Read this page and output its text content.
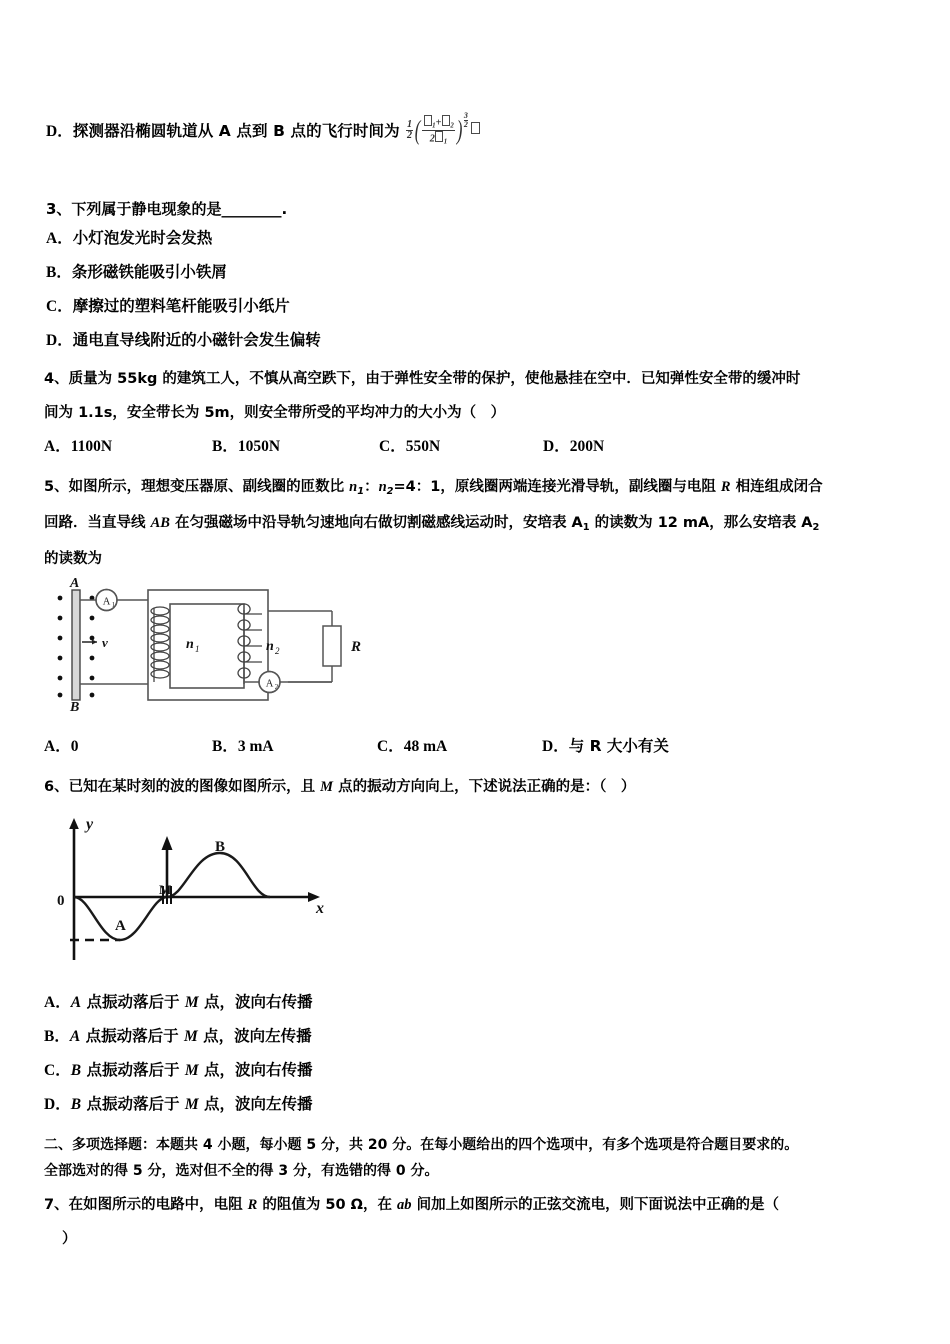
D．探测器沿椭圆轨道从 A 点到 B 点的飞行时间为 $\frac{1}{2}$ ( $\frac{_1+ _2}{2 _1}$ ) $\frac{3}{2}$
3、下列属于静电现象的是________.
A．小灯泡发光时会发热
B．条形磁铁能吸引小铁屑
C．摩擦过的塑料笔杆能吸引小纸片
D．通电直导线附近的小磁针会发生偏转
4、质量为 55kg 的建筑工人，不慎从高空跌下，由于弹性安全带的保护，使他悬挂在空中．已知弹性安全带的缓冲时
间为 1.1s，安全带长为 5m，则安全带所受的平均冲力的大小为（　）
A．1100N	B．1050N	C．550N	D．200N
5、如图所示，理想变压器原、副线圈的匝数比 $n_1$：$n_2=4$：1，原线圈两端连接光滑导轨，副线圈与电阻 R 相连组成闭合
回路．当直导线 AB 在匀强磁场中沿导轨匀速地向右做切割磁感线运动时，安培表 A1 的读数为 12 mA，那么安培表 A2
的读数为
A 1
v	n 1	n 2	R
A 2
A
B
A．0	B．3 mA	C．48 mA	D．与 R 大小有关
6、已知在某时刻的波的图像如图所示，且 M 点的振动方向向上，下述说法正确的是：（　）
y
x
0
M
A
B
A．A 点振动落后于 M 点，波向右传播
B．A 点振动落后于 M 点，波向左传播
C．B 点振动落后于 M 点，波向右传播
D．B 点振动落后于 M 点，波向左传播
二、多项选择题：本题共 4 小题，每小题 5 分，共 20 分。在每小题给出的四个选项中，有多个选项是符合题目要求的。
全部选对的得 5 分，选对但不全的得 3 分，有选错的得 0 分。
7、在如图所示的电路中，电阻 R 的阻值为 50 Ω，在 ab 间加上如图所示的正弦交流电，则下面说法中正确的是（
）
